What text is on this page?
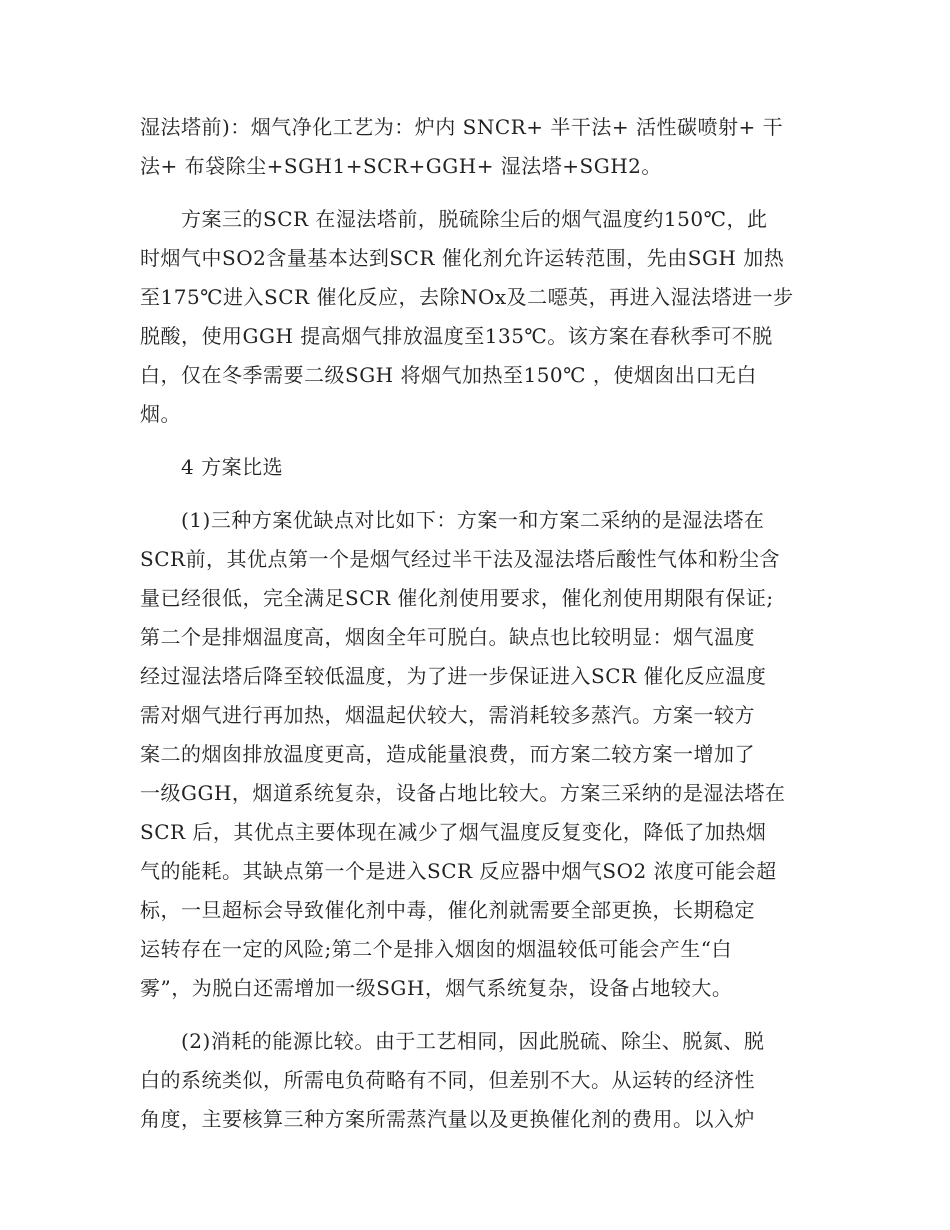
湿法塔前)：烟气净化工艺为：炉内 SNCR+ 半干法+ 活性碳喷射+ 干
法+ 布袋除尘+SGH1+SCR+GGH+ 湿法塔+SGH2。
　　方案三的SCR 在湿法塔前，脱硫除尘后的烟气温度约150℃，此
时烟气中SO2含量基本达到SCR 催化剂允许运转范围，先由SGH 加热
至175℃进入SCR 催化反应，去除NOx及二噁英，再进入湿法塔进一步
脱酸，使用GGH 提高烟气排放温度至135℃。该方案在春秋季可不脱
白，仅在冬季需要二级SGH 将烟气加热至150℃ ，使烟囱出口无白
烟。
　　4 方案比选
　　(1)三种方案优缺点对比如下：方案一和方案二采纳的是湿法塔在
SCR前，其优点第一个是烟气经过半干法及湿法塔后酸性气体和粉尘含
量已经很低，完全满足SCR 催化剂使用要求，催化剂使用期限有保证;
第二个是排烟温度高，烟囱全年可脱白。缺点也比较明显：烟气温度
经过湿法塔后降至较低温度，为了进一步保证进入SCR 催化反应温度
需对烟气进行再加热，烟温起伏较大，需消耗较多蒸汽。方案一较方
案二的烟囱排放温度更高，造成能量浪费，而方案二较方案一增加了
一级GGH，烟道系统复杂，设备占地比较大。方案三采纳的是湿法塔在
SCR 后，其优点主要体现在减少了烟气温度反复变化，降低了加热烟
气的能耗。其缺点第一个是进入SCR 反应器中烟气SO2 浓度可能会超
标，一旦超标会导致催化剂中毒，催化剂就需要全部更换，长期稳定
运转存在一定的风险;第二个是排入烟囱的烟温较低可能会产生“白
雾”，为脱白还需增加一级SGH，烟气系统复杂，设备占地较大。
　　(2)消耗的能源比较。由于工艺相同，因此脱硫、除尘、脱氮、脱
白的系统类似，所需电负荷略有不同，但差别不大。从运转的经济性
角度，主要核算三种方案所需蒸汽量以及更换催化剂的费用。以入炉
